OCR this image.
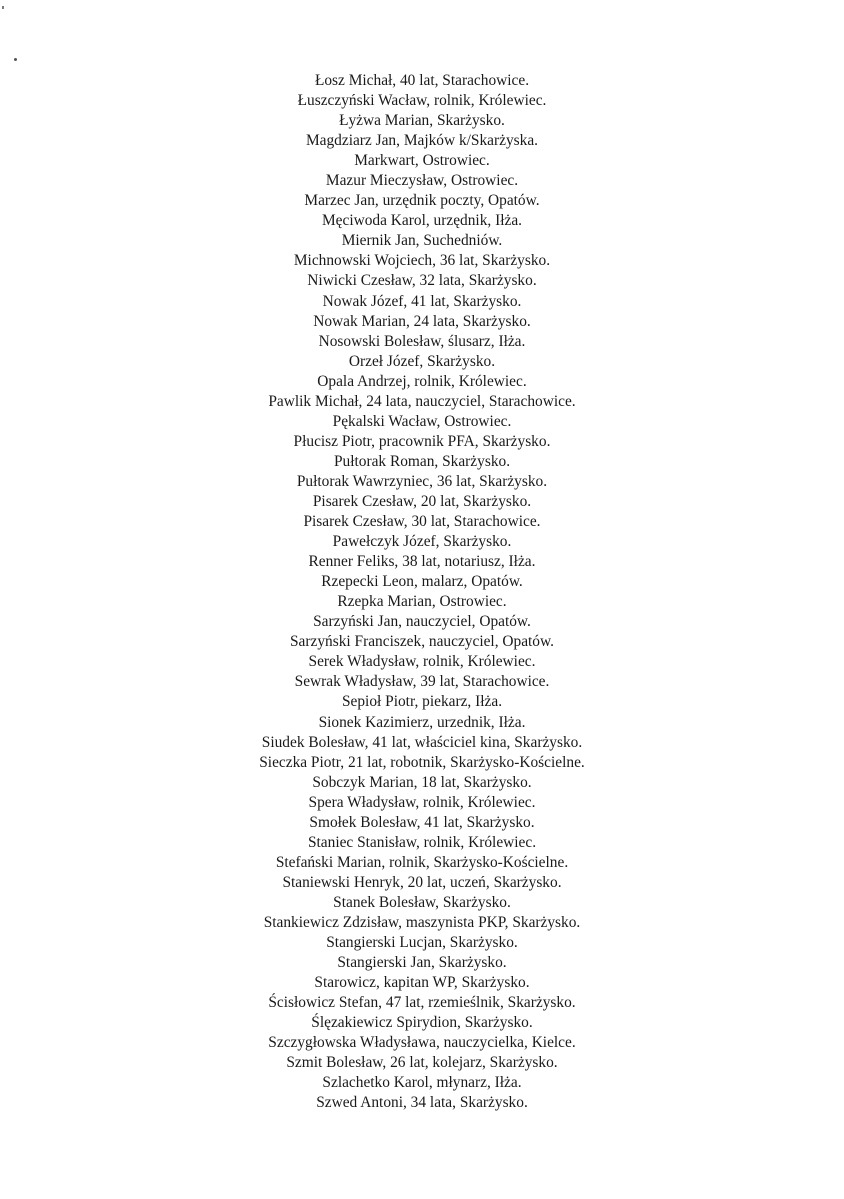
Łosz Michał, 40 lat, Starachowice.
Łuszczyński Wacław, rolnik, Królewiec.
Łyżwa Marian, Skarżysko.
Magdziarz Jan, Majków k/Skarżyska.
Markwart, Ostrowiec.
Mazur Mieczysław, Ostrowiec.
Marzec Jan, urzędnik poczty, Opatów.
Męciwoda Karol, urzędnik, Iłża.
Miernik Jan, Suchedniów.
Michnowski Wojciech, 36 lat, Skarżysko.
Niwicki Czesław, 32 lata, Skarżysko.
Nowak Józef, 41 lat, Skarżysko.
Nowak Marian, 24 lata, Skarżysko.
Nosowski Bolesław, ślusarz, Iłża.
Orzeł Józef, Skarżysko.
Opala Andrzej, rolnik, Królewiec.
Pawlik Michał, 24 lata, nauczyciel, Starachowice.
Pękalski Wacław, Ostrowiec.
Płucisz Piotr, pracownik PFA, Skarżysko.
Pułtorak Roman, Skarżysko.
Pułtorak Wawrzyniec, 36 lat, Skarżysko.
Pisarek Czesław, 20 lat, Skarżysko.
Pisarek Czesław, 30 lat, Starachowice.
Pawełczyk Józef, Skarżysko.
Renner Feliks, 38 lat, notariusz, Iłża.
Rzepecki Leon, malarz, Opatów.
Rzepka Marian, Ostrowiec.
Sarzyński Jan, nauczyciel, Opatów.
Sarzyński Franciszek, nauczyciel, Opatów.
Serek Władysław, rolnik, Królewiec.
Sewrak Władysław, 39 lat, Starachowice.
Sepioł Piotr, piekarz, Iłża.
Sionek Kazimierz, urzednik, Iłża.
Siudek Bolesław, 41 lat, właściciel kina, Skarżysko.
Sieczka Piotr, 21 lat, robotnik, Skarżysko-Kościelne.
Sobczyk Marian, 18 lat, Skarżysko.
Spera Władysław, rolnik, Królewiec.
Smołek Bolesław, 41 lat, Skarżysko.
Staniec Stanisław, rolnik, Królewiec.
Stefański Marian, rolnik, Skarżysko-Kościelne.
Staniewski Henryk, 20 lat, uczeń, Skarżysko.
Stanek Bolesław, Skarżysko.
Stankiewicz Zdzisław, maszynista PKP, Skarżysko.
Stangierski Lucjan, Skarżysko.
Stangierski Jan, Skarżysko.
Starowicz, kapitan WP, Skarżysko.
Ścisłowicz Stefan, 47 lat, rzemieślnik, Skarżysko.
Ślęzakiewicz Spirydion, Skarżysko.
Szczygłowska Władysława, nauczycielka, Kielce.
Szmit Bolesław, 26 lat, kolejarz, Skarżysko.
Szlachetko Karol, młynarz, Iłża.
Szwed Antoni, 34 lata, Skarżysko.
